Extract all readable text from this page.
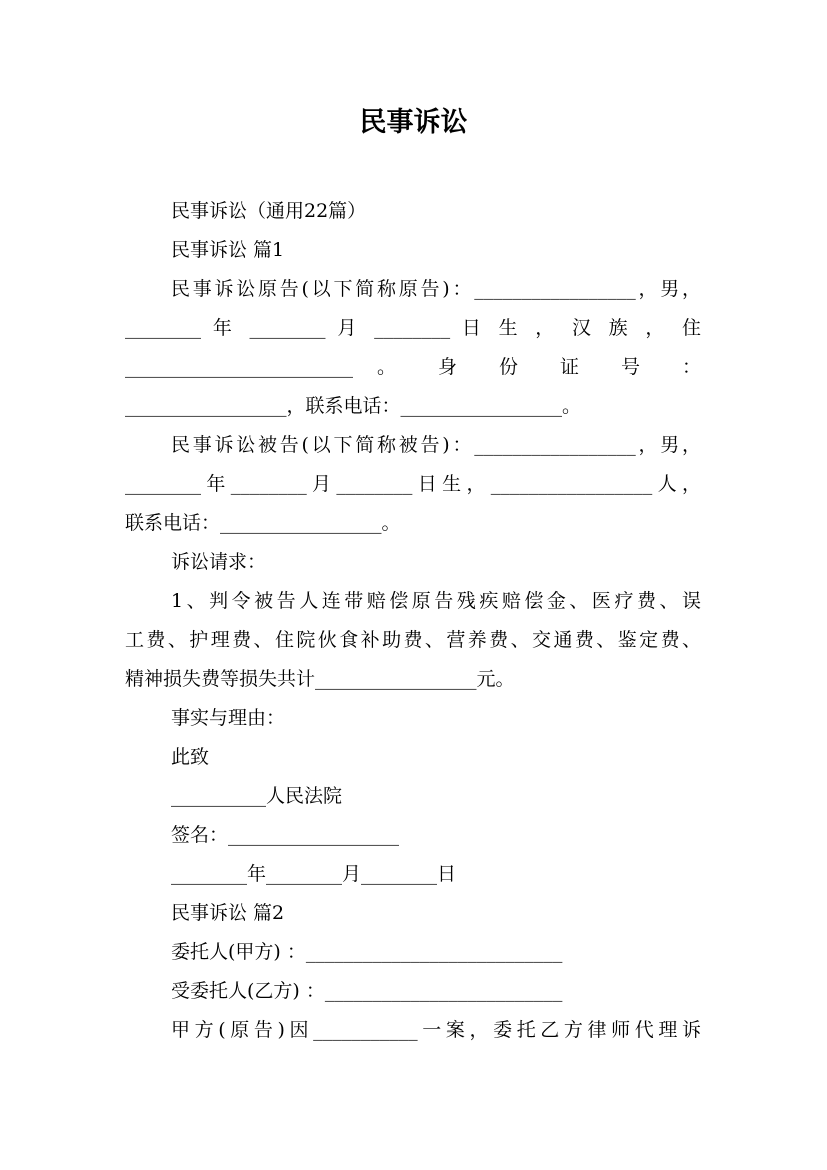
民事诉讼
民事诉讼（通用22篇）
民事诉讼 篇1
民事诉讼原告(以下简称原告)：_________________，男，
________ 年 ________ 月 ________ 日 生 ， 汉 族 ， 住
________________________ 。 身 份 证 号 ：
_________________，联系电话：_________________。
民事诉讼被告(以下简称被告)：_________________，男，
________年________月________日生，_________________人，
联系电话：_________________。
诉讼请求：
1、判令被告人连带赔偿原告残疾赔偿金、医疗费、误
工费、护理费、住院伙食补助费、营养费、交通费、鉴定费、
精神损失费等损失共计_________________元。
事实与理由：
此致
__________人民法院
签名：__________________
________年________月________日
民事诉讼 篇2
委托人(甲方) ：___________________________
受委托人(乙方) ：_________________________
甲方(原告)因___________一案，委托乙方律师代理诉
